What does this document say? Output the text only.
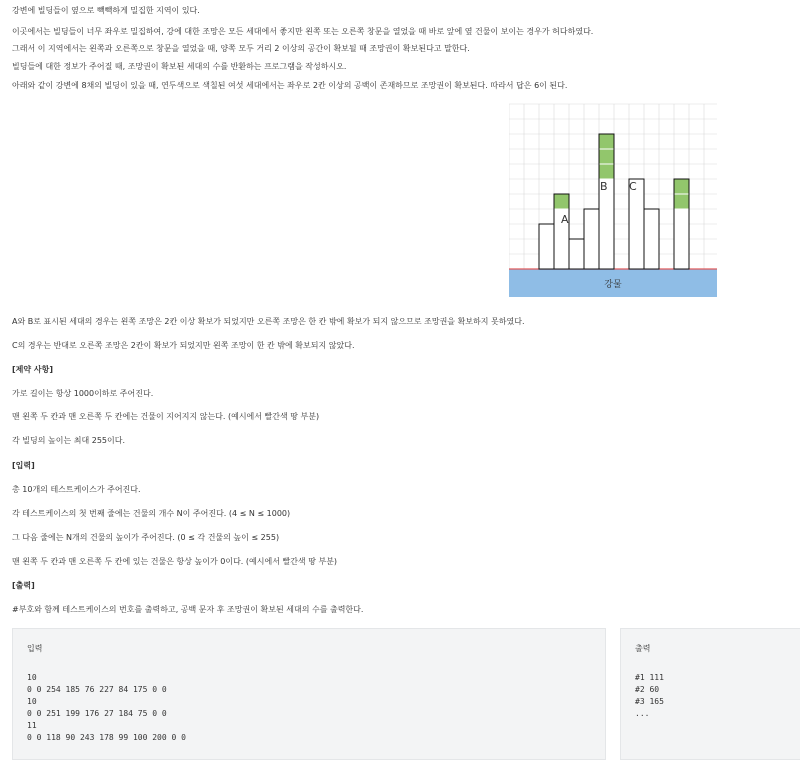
강변에 빌딩들이 옆으로 빽빽하게 밀집한 지역이 있다.

이곳에서는 빌딩들이 너무 좌우로 밀집하여, 강에 대한 조망은 모든 세대에서 좋지만 왼쪽 또는 오른쪽 창문을 열었을 때 바로 앞에 옆 건물이 보이는 경우가 허다하였다.

그래서 이 지역에서는 왼쪽과 오른쪽으로 창문을 열었을 때, 양쪽 모두 거리 2 이상의 공간이 확보될 때 조망권이 확보된다고 말한다.

빌딩들에 대한 정보가 주어질 때, 조망권이 확보된 세대의 수를 반환하는 프로그램을 작성하시오.

아래와 같이 강변에 8채의 빌딩이 있을 때, 연두색으로 색칠된 여섯 세대에서는 좌우로 2칸 이상의 공백이 존재하므로 조망권이 확보된다. 따라서 답은 6이 된다.

강물
A
B C

A와 B로 표시된 세대의 경우는 왼쪽 조망은 2칸 이상 확보가 되었지만 오른쪽 조망은 한 칸 밖에 확보가 되지 않으므로 조망권을 확보하지 못하였다.

C의 경우는 반대로 오른쪽 조망은 2칸이 확보가 되었지만 왼쪽 조망이 한 칸 밖에 확보되지 않았다.

[제약 사항]

가로 길이는 항상 1000이하로 주어진다.

맨 왼쪽 두 칸과 맨 오른쪽 두 칸에는 건물이 지어지지 않는다. (예시에서 빨간색 땅 부분)

각 빌딩의 높이는 최대 255이다.

[입력]

총 10개의 테스트케이스가 주어진다.

각 테스트케이스의 첫 번째 줄에는 건물의 개수 N이 주어진다. (4 ≤ N ≤ 1000)

그 다음 줄에는 N개의 건물의 높이가 주어진다. (0 ≤ 각 건물의 높이 ≤ 255)

맨 왼쪽 두 칸과 맨 오른쪽 두 칸에 있는 건물은 항상 높이가 0이다. (예시에서 빨간색 땅 부분)

[출력]

#부호와 함께 테스트케이스의 번호를 출력하고, 공백 문자 후 조망권이 확보된 세대의 수를 출력한다.

입력
10
0 0 254 185 76 227 84 175 0 0
10
0 0 251 199 176 27 184 75 0 0
11
0 0 118 90 243 178 99 100 200 0 0
출력
#1 111
#2 60
#3 165
...
